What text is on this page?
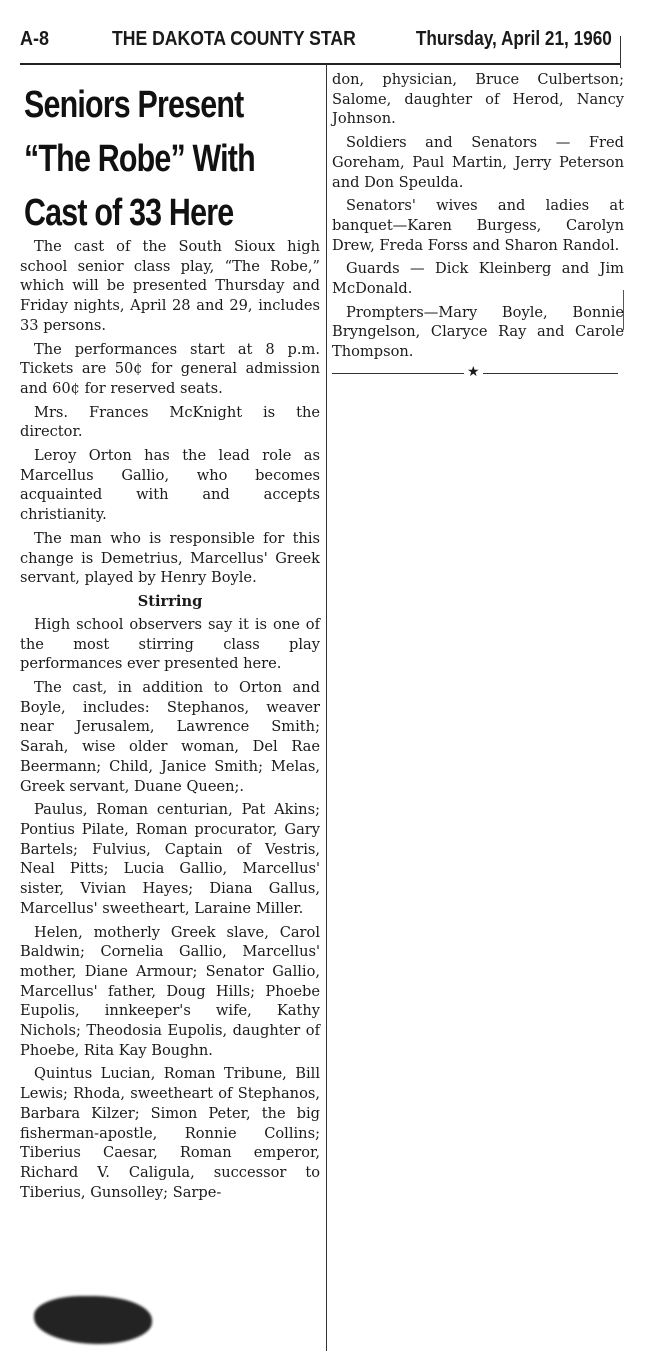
A-8	THE DAKOTA COUNTY STAR	Thursday, April 21, 1960
Seniors Present
“The Robe” With
Cast of 33 Here

The cast of the South Sioux high school senior class play, “The Robe,” which will be presented Thursday and Friday nights, April 28 and 29, includes 33 persons.

The performances start at 8 p.m. Tickets are 50¢ for general admission and 60¢ for reserved seats.

Mrs. Frances McKnight is the director.

Leroy Orton has the lead role as Marcellus Gallio, who becomes acquainted with and accepts christianity.

The man who is responsible for this change is Demetrius, Marcellus' Greek servant, played by Henry Boyle.

Stirring

High school observers say it is one of the most stirring class play performances ever presented here.

The cast, in addition to Orton and Boyle, includes: Stephanos, weaver near Jerusalem, Lawrence Smith; Sarah, wise older woman, Del Rae Beermann; Child, Janice Smith; Melas, Greek servant, Duane Queen;.

Paulus, Roman centurian, Pat Akins; Pontius Pilate, Roman procurator, Gary Bartels; Fulvius, Captain of Vestris, Neal Pitts; Lucia Gallio, Marcellus' sister, Vivian Hayes; Diana Gallus, Marcellus' sweetheart, Laraine Miller.

Helen, motherly Greek slave, Carol Baldwin; Cornelia Gallio, Marcellus' mother, Diane Armour; Senator Gallio, Marcellus' father, Doug Hills; Phoebe Eupolis, innkeeper's wife, Kathy Nichols; Theodosia Eupolis, daughter of Phoebe, Rita Kay Boughn.

Quintus Lucian, Roman Tribune, Bill Lewis; Rhoda, sweetheart of Stephanos, Barbara Kilzer; Simon Peter, the big fisherman-apostle, Ronnie Collins; Tiberius Caesar, Roman emperor, Richard V. Caligula, successor to Tiberius, Gunsolley; Sarpe-

don, physician, Bruce Culbertson; Salome, daughter of Herod, Nancy Johnson.

Soldiers and Senators — Fred Goreham, Paul Martin, Jerry Peterson and Don Speulda.

Senators' wives and ladies at banquet—Karen Burgess, Carolyn Drew, Freda Forss and Sharon Randol.

Guards — Dick Kleinberg and Jim McDonald.

Prompters—Mary Boyle, Bonnie Bryngelson, Claryce Ray and Carole Thompson.

★
